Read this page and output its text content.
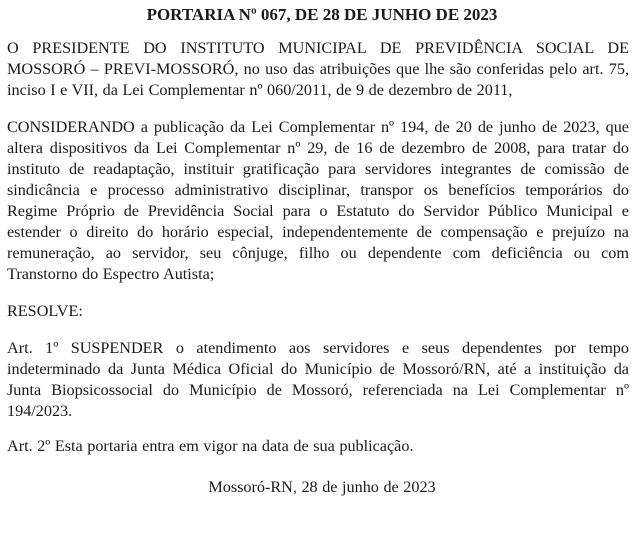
PORTARIA Nº 067, DE 28 DE JUNHO DE 2023

O PRESIDENTE DO INSTITUTO MUNICIPAL DE PREVIDÊNCIA SOCIAL DE MOSSORÓ – PREVI-MOSSORÓ, no uso das atribuições que lhe são conferidas pelo art. 75, inciso I e VII, da Lei Complementar nº 060/2011, de 9 de dezembro de 2011,

CONSIDERANDO a publicação da Lei Complementar nº 194, de 20 de junho de 2023, que altera dispositivos da Lei Complementar nº 29, de 16 de dezembro de 2008, para tratar do instituto de readaptação, instituir gratificação para servidores integrantes de comissão de sindicância e processo administrativo disciplinar, transpor os benefícios temporários do Regime Próprio de Previdência Social para o Estatuto do Servidor Público Municipal e estender o direito do horário especial, independentemente de compensação e prejuízo na remuneração, ao servidor, seu cônjuge, filho ou dependente com deficiência ou com Transtorno do Espectro Autista;

RESOLVE:

Art. 1º SUSPENDER o atendimento aos servidores e seus dependentes por tempo indeterminado da Junta Médica Oficial do Município de Mossoró/RN, até a instituição da Junta Biopsicossocial do Município de Mossoró, referenciada na Lei Complementar nº 194/2023.

Art. 2º Esta portaria entra em vigor na data de sua publicação.

Mossoró-RN, 28 de junho de 2023
